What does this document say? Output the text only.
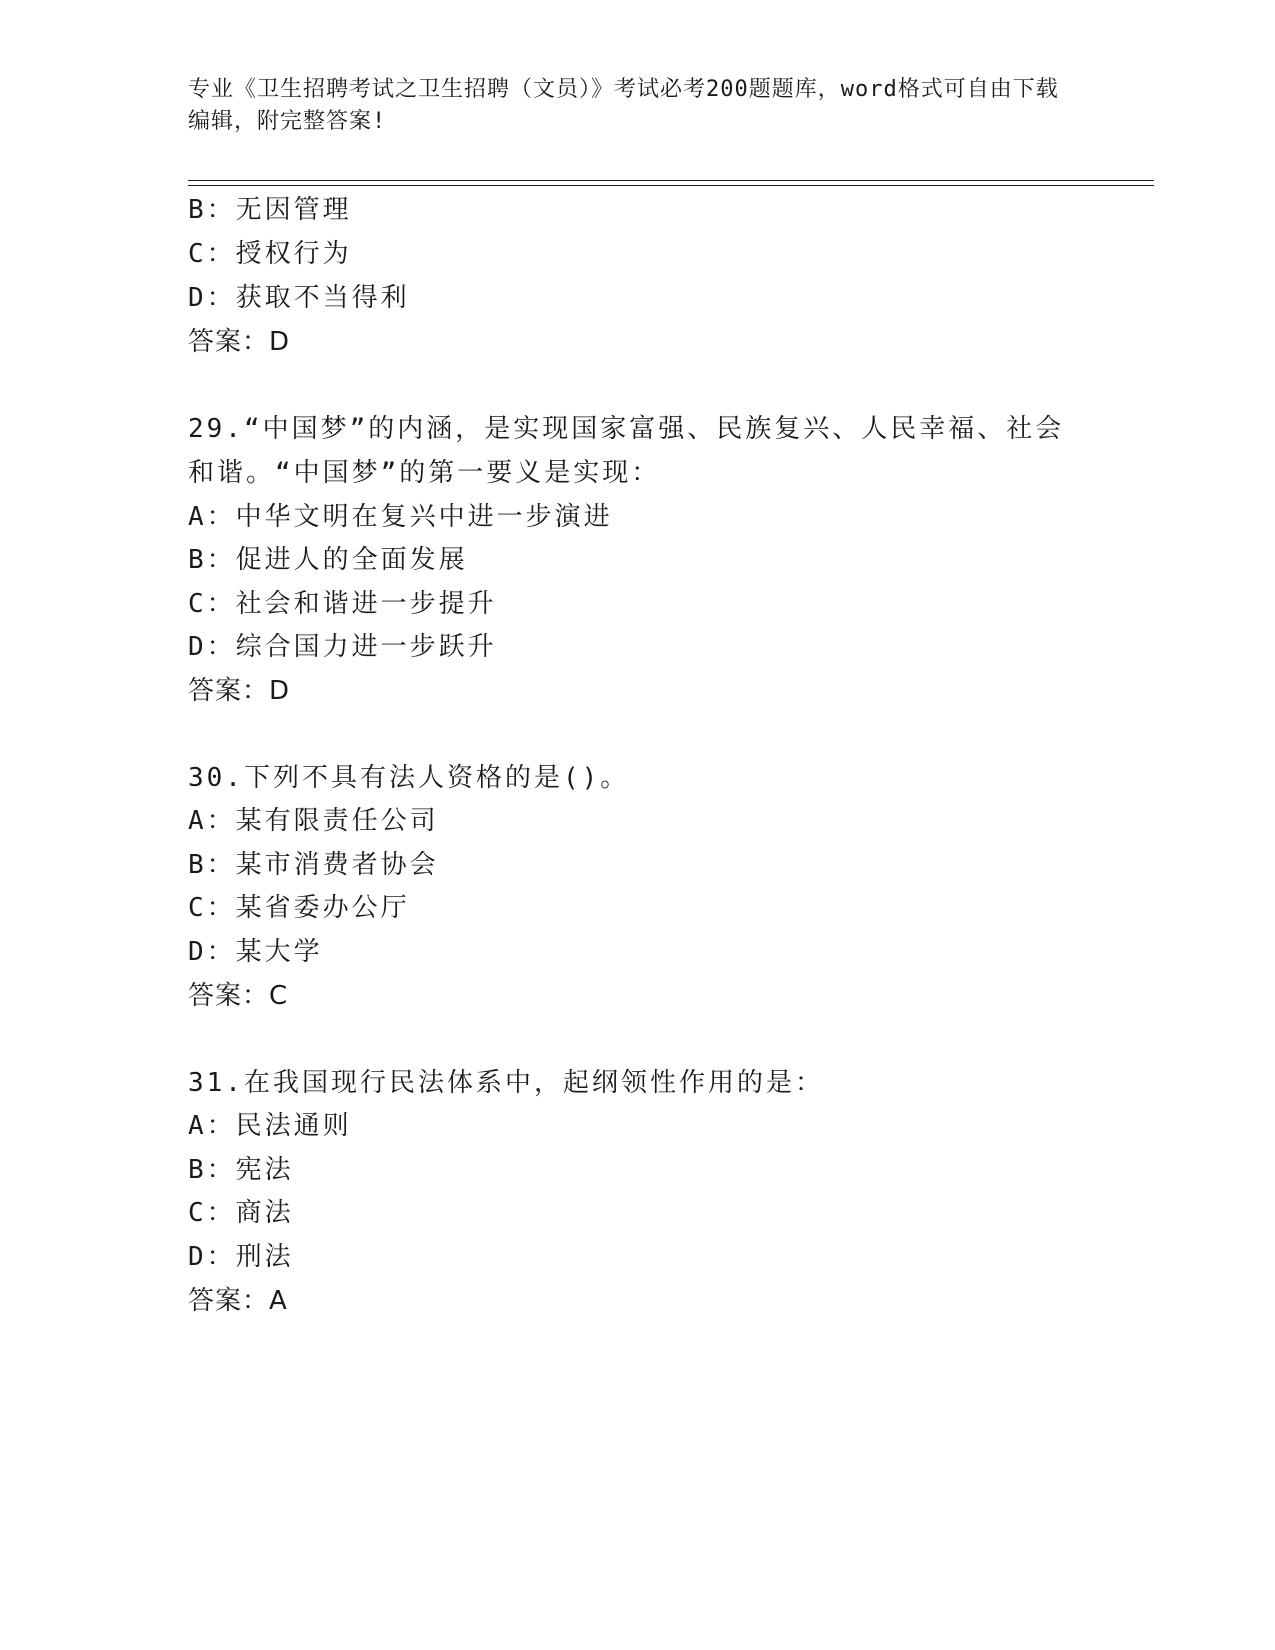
专业《卫生招聘考试之卫生招聘（文员）》考试必考200题题库，word格式可自由下载编辑，附完整答案!
B：无因管理
C：授权行为
D：获取不当得利
答案：D
29.“中国梦”的内涵，是实现国家富强、民族复兴、人民幸福、社会
和谐。“中国梦”的第一要义是实现：
A：中华文明在复兴中进一步演进
B：促进人的全面发展
C：社会和谐进一步提升
D：综合国力进一步跃升
答案：D
30.下列不具有法人资格的是()。
A：某有限责任公司
B：某市消费者协会
C：某省委办公厅
D：某大学
答案：C
31.在我国现行民法体系中，起纲领性作用的是：
A：民法通则
B：宪法
C：商法
D：刑法
答案：A
